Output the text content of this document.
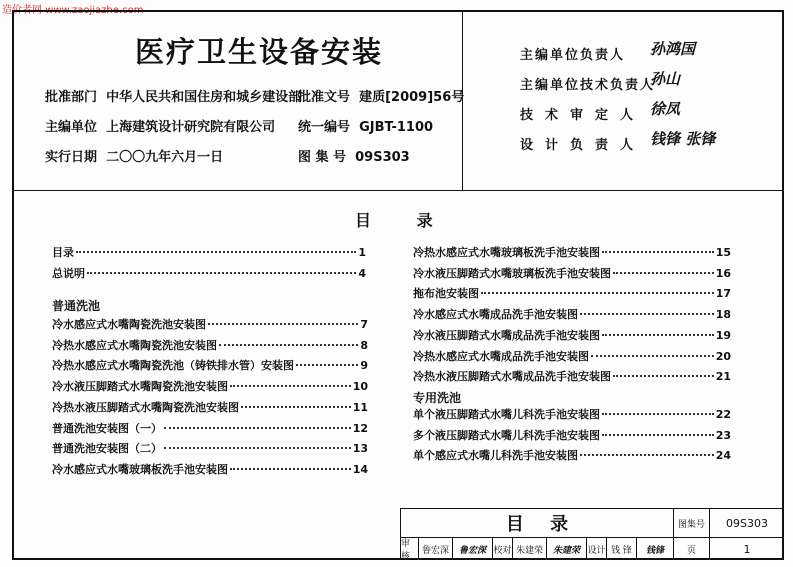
造价者网 www.zaojiazhe.com
医疗卫生设备安装
批准部门 中华人民共和国住房和城乡建设部
批准文号 建质[2009]56号
主编单位 上海建筑设计研究院有限公司 统一编号 GJBT-1100
实行日期 二〇〇九年六月一日	图 集 号 09S303
主编单位负责人 孙鸿国
主编单位技术负责人
孙山
技术审定人 徐凤
设计负责人 钱锋 张锋
目 录
目录	1
总说明	4
普通洗池
冷水感应式水嘴陶瓷洗池安装图	7
冷热水感应式水嘴陶瓷洗池安装图	8
冷热水感应式水嘴陶瓷洗池（铸铁排水管）安装图	9
冷水液压脚踏式水嘴陶瓷洗池安装图	10
冷热水液压脚踏式水嘴陶瓷洗池安装图	11
普通洗池安装图（一）	12
普通洗池安装图（二）	13
冷水感应式水嘴玻璃板洗手池安装图	14
冷热水感应式水嘴玻璃板洗手池安装图	15
冷水液压脚踏式水嘴玻璃板洗手池安装图	16
拖布池安装图	17
冷水感应式水嘴成品洗手池安装图	18
冷水液压脚踏式水嘴成品洗手池安装图	19
冷热水感应式水嘴成品洗手池安装图	20
冷热水液压脚踏式水嘴成品洗手池安装图	21
专用洗池
单个液压脚踏式水嘴儿科洗手池安装图	22
多个液压脚踏式水嘴儿科洗手池安装图	23
单个感应式水嘴儿科洗手池安装图	24
目 录	图集号	09S303
审核
鲁宏深	鲁宏深 校对 朱建荣	朱建荣 设计 钱 锋	钱锋	页	1
